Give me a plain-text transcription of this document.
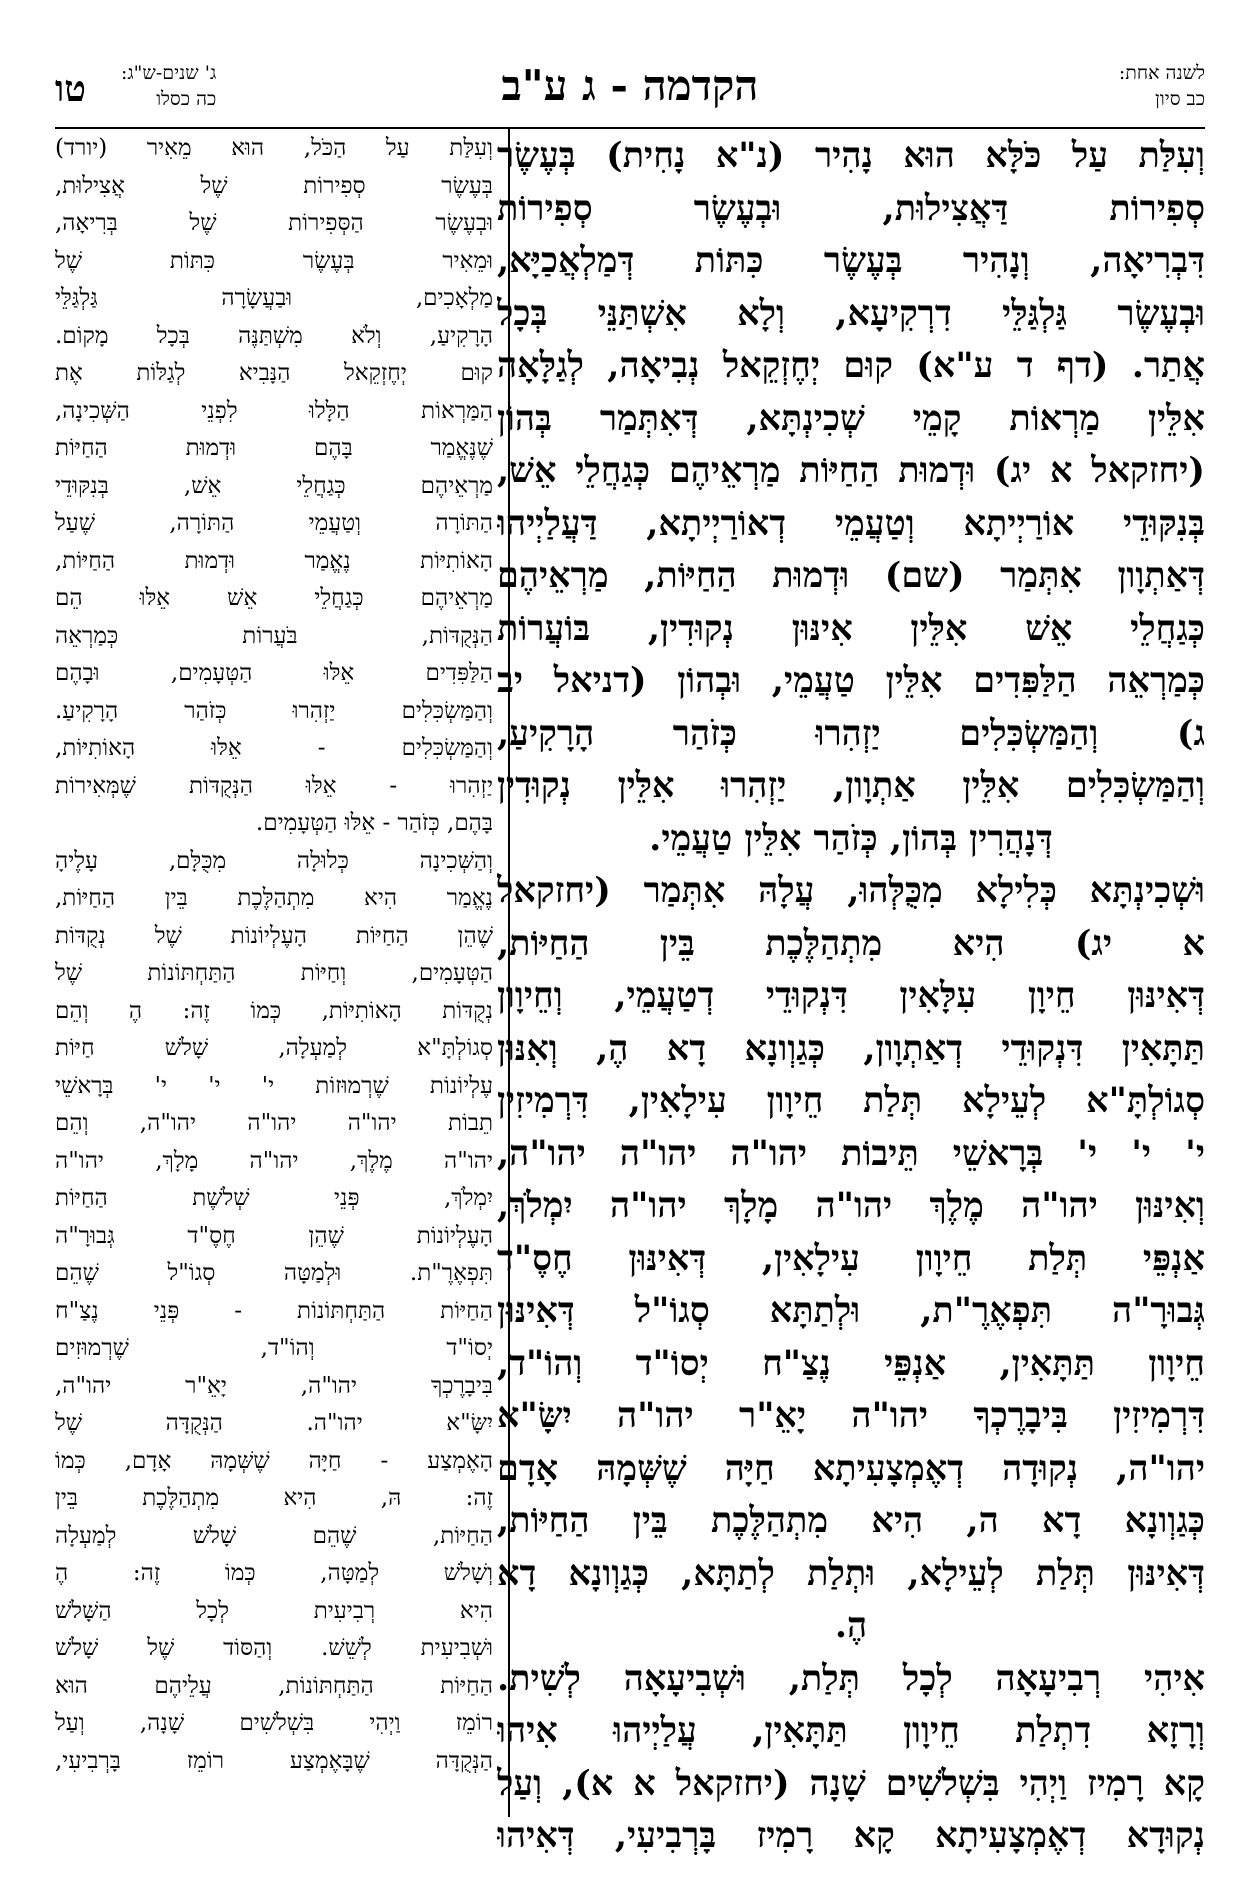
לשנה אחת:
כב סיון
הקדמה - ג ע"ב
ג' שנים-ש"ג:
כה כסלו
טו
וְעִלַּת עַל כֹּלָּא הוּא נָהִיר (נ"א נָחִית) בְּעֶשֶׂר
סְפִירוֹת דַּאֲצִילוּת, וּבְעֶשֶׂר סְפִירוֹת
דִּבְרִיאָה, וְנָהִיר בְּעֶשֶׂר כִּתּוֹת דְּמַלְאֲכַיָּא,
וּבְעֶשֶׂר גַּלְגַּלֵּי דִרְקִיעָא, וְלָא אִשְׁתַּנֵּי בְּכָל
אֲתַר. (דף ד ע"א) קוּם יְחֶזְקֵאל נְבִיאָה, לְגַלָּאָה
אִלֵּין מַרְאוֹת קָמֵי שְׁכִינְתָּא, דְּאִתְּמַר בְּהוֹן
(יחזקאל א יג) וּדְמוּת הַחַיּוֹת מַרְאֵיהֶם כְּגַחֲלֵי אֵשׁ,
בְּנִקּוּדֵי אוֹרַיְיתָא וְטַעֲמֵי דְאוֹרַיְיתָא, דַּעֲלַיְיהוּ
דְּאַתְוָון אִתְּמַר (שם) וּדְמוּת הַחַיּוֹת, מַרְאֵיהֶם
כְּגַחֲלֵי אֵשׁ אִלֵּין אִינּוּן נְקוּדִין, בּוֹעֲרוֹת
כְּמַרְאֵה הַלַּפִּדִים אִלֵּין טַעֲמֵי, וּבְהוֹן (דניאל יב
ג) וְהַמַּשְׂכִּלִים יַזְהִרוּ כְּזֹהַר הָרָקִיעַ,
וְהַמַּשְׂכִּלִים אִלֵּין אַתְוָון, יַזְהִרוּ אִלֵּין נְקוּדִין
דְּנָהֲרִין בְּהוֹן, כְּזֹהַר אִלֵּין טַעֲמֵי.
וּשְׁכִינְתָּא כְּלִילָא מִכֻּלְּהוּ, עֲלָהּ אִתְּמַר (יחזקאל
א יג) הִיא מִתְהַלֶּכֶת בֵּין הַחַיּוֹת,
דְּאִינּוּן חֵיוָן עִלָּאִין דִּנְקוּדֵי דְטַעֲמֵי, וְחֵיוָון
תַּתָּאִין דִּנְקוּדֵי דְאַתְוָון, כְּגַוְונָא דָא הֶ, וְאִנּוּן
סְגוֹלְתָּ"א לְעֵילָא תְּלַת חֵיוָון עִילָאִין, דִּרְמִיזִין
י' י' י' בְּרָאשֵׁי תֵּיבוֹת יהו"ה יהו"ה יהו"ה,
וְאִינּוּן יהו"ה מֶלֶךְ יהו"ה מָלָךְ יהו"ה יִמְלֹךְ,
אַנְפֵּי תְּלַת חֵיוָון עִילָאִין, דְּאִינּוּן חֶסֶ"ד
גְּבוּרָ"ה תִּפְאֶרֶ"ת, וּלְתַתָּא סְגוֹ"ל דְּאִינּוּן
חֵיוָון תַּתָּאִין, אַנְפֵּי נֶצַ"ח יְסוֹ"ד וְהוֹ"ד,
דִּרְמִיזִין בִּיבָרֶכְךָ יהו"ה יָאֵ"ר יהו"ה יִשָּׂ"א
יהו"ה, נְקוּדָה דְאֶמְצָעִיתָא חַיָּה שֶׁשְּׁמָהּ אָדָם
כְּגַוְונָא דָא ה, הִיא מִתְהַלֶּכֶת בֵּין הַחַיּוֹת,
דְּאִינּוּן תְּלַת לְעֵילָא, וּתְלַת לְתַתָּא, כְּגַוְונָא דָא
הֶ.
אִיהִי רְבִיעָאָה לְכָל תְּלַת, וּשְׁבִיעָאָה לְשִׁית.
וְרָזָא דִתְלַת חֵיוָון תַּתָּאִין, עֲלַיְיהוּ אִיהוּ
קָא רָמִיז וַיְהִי בִּשְׁלֹשִׁים שָׁנָה (יחזקאל א א), וְעַל
נְקוּדָא דְאֶמְצָעִיתָא קָא רָמִיז בָּרְבִיעִי, דְּאִיהוּ
וְעִלַּת עַל הַכֹּל, הוּא מֵאִיר (יורד)
בְּעֶשֶׂר סְפִירוֹת שֶׁל אֲצִילוּת,
וּבְעֶשֶׂר הַסְּפִירוֹת שֶׁל בְּרִיאָה,
וּמֵאִיר בְּעֶשֶׂר כִּתּוֹת שֶׁל
מַלְאָכִים, וּבַעֲשָׂרָה גַּלְגַּלֵּי
הָרָקִיעַ, וְלֹא מִשְׁתַּנֶּה בְּכָל מָקוֹם.
קוּם יְחֶזְקֵאל הַנָּבִיא לְגַלּוֹת אֶת
הַמַּרְאוֹת הַלָּלוּ לִפְנֵי הַשְּׁכִינָה,
שֶׁנֶּאֱמַר בָּהֶם וּדְמוּת הַחַיּוֹת
מַרְאֵיהֶם כְּגַחֲלֵי אֵשׁ, בְּנִקּוּדֵי
הַתּוֹרָה וְטַעֲמֵי הַתּוֹרָה, שֶׁעַל
הָאוֹתִיּוֹת נֶאֱמַר וּדְמוּת הַחַיּוֹת,
מַרְאֵיהֶם כְּגַחֲלֵי אֵשׁ אֵלּוּ הֵם
הַנְּקֻדּוֹת, בֹּעֲרוֹת כְּמַרְאֵה
הַלַּפִּדִים אֵלּוּ הַטְּעָמִים, וּבָהֶם
וְהַמַּשְׂכִּלִים יַזְהִרוּ כְּזֹהַר הָרָקִיעַ.
וְהַמַּשְׂכִּלִים - אֵלּוּ הָאוֹתִיּוֹת,
יַזְהִרוּ - אֵלּוּ הַנְּקֻדּוֹת שֶׁמְּאִירוֹת
בָּהֶם, כְּזֹהַר - אֵלּוּ הַטְּעָמִים.
וְהַשְּׁכִינָה כְּלוּלָה מִכֻּלָּם, עָלֶיהָ
נֶאֱמַר הִיא מִתְהַלֶּכֶת בֵּין הַחַיּוֹת,
שֶׁהֵן הַחַיּוֹת הָעֶלְיוֹנוֹת שֶׁל נְקֻדּוֹת
הַטְּעָמִים, וְחַיּוֹת הַתַּחְתּוֹנוֹת שֶׁל
נְקֻדּוֹת הָאוֹתִיּוֹת, כְּמוֹ זֶה: הֶ וְהֵם
סְגוֹלְתָּ"א לְמַעְלָה, שָׁלֹשׁ חַיּוֹת
עֶלְיוֹנוֹת שֶׁרְמוּזוֹת י' י' י' בְּרָאשֵׁי
תֵבוֹת יהו"ה יהו"ה יהו"ה, וְהֵם
יהו"ה מֶלֶךְ, יהו"ה מָלָךְ, יהו"ה
יִמְלֹךְ, פְּנֵי שְׁלֹשֶׁת הַחַיּוֹת
הָעֶלְיוֹנוֹת שֶׁהֵן חֶסֶ"ד גְּבוּרָ"ה
תִּפְאֶרֶ"ת. וּלְמַטָּה סְגוֹ"ל שֶׁהֵם
הַחַיּוֹת הַתַּחְתּוֹנוֹת - פְּנֵי נֶצַ"ח
יְסוֹ"ד וְהוֹ"ד, שֶׁרְמוּזִים
בִּיבָרֶכְךָ יהו"ה, יָאֵ"ר יהו"ה,
יִשָּׂ"א יהו"ה. הַנְּקֻדָּה שֶׁל
הָאֶמְצַע - חַיָּה שֶׁשְּׁמָהּ אָדָם, כְּמוֹ
זֶה: הּ, הִיא מִתְהַלֶּכֶת בֵּין
הַחַיּוֹת, שֶׁהֵם שָׁלֹשׁ לְמַעְלָה
וְשָׁלֹשׁ לְמַטָּה, כְּמוֹ זֶה: הֶ
הִיא רְבִיעִית לְכָל הַשָּׁלֹשׁ
וּשְׁבִיעִית לְשֵׁשׁ. וְהַסּוֹד שֶׁל שָׁלֹשׁ
הַחַיּוֹת הַתַּחְתּוֹנוֹת, עֲלֵיהֶם הוּא
רוֹמֵז וַיְהִי בִּשְׁלֹשִׁים שָׁנָה, וְעַל
הַנְּקֻדָּה שֶׁבָּאֶמְצַע רוֹמֵז בָּרְבִיעִי,
